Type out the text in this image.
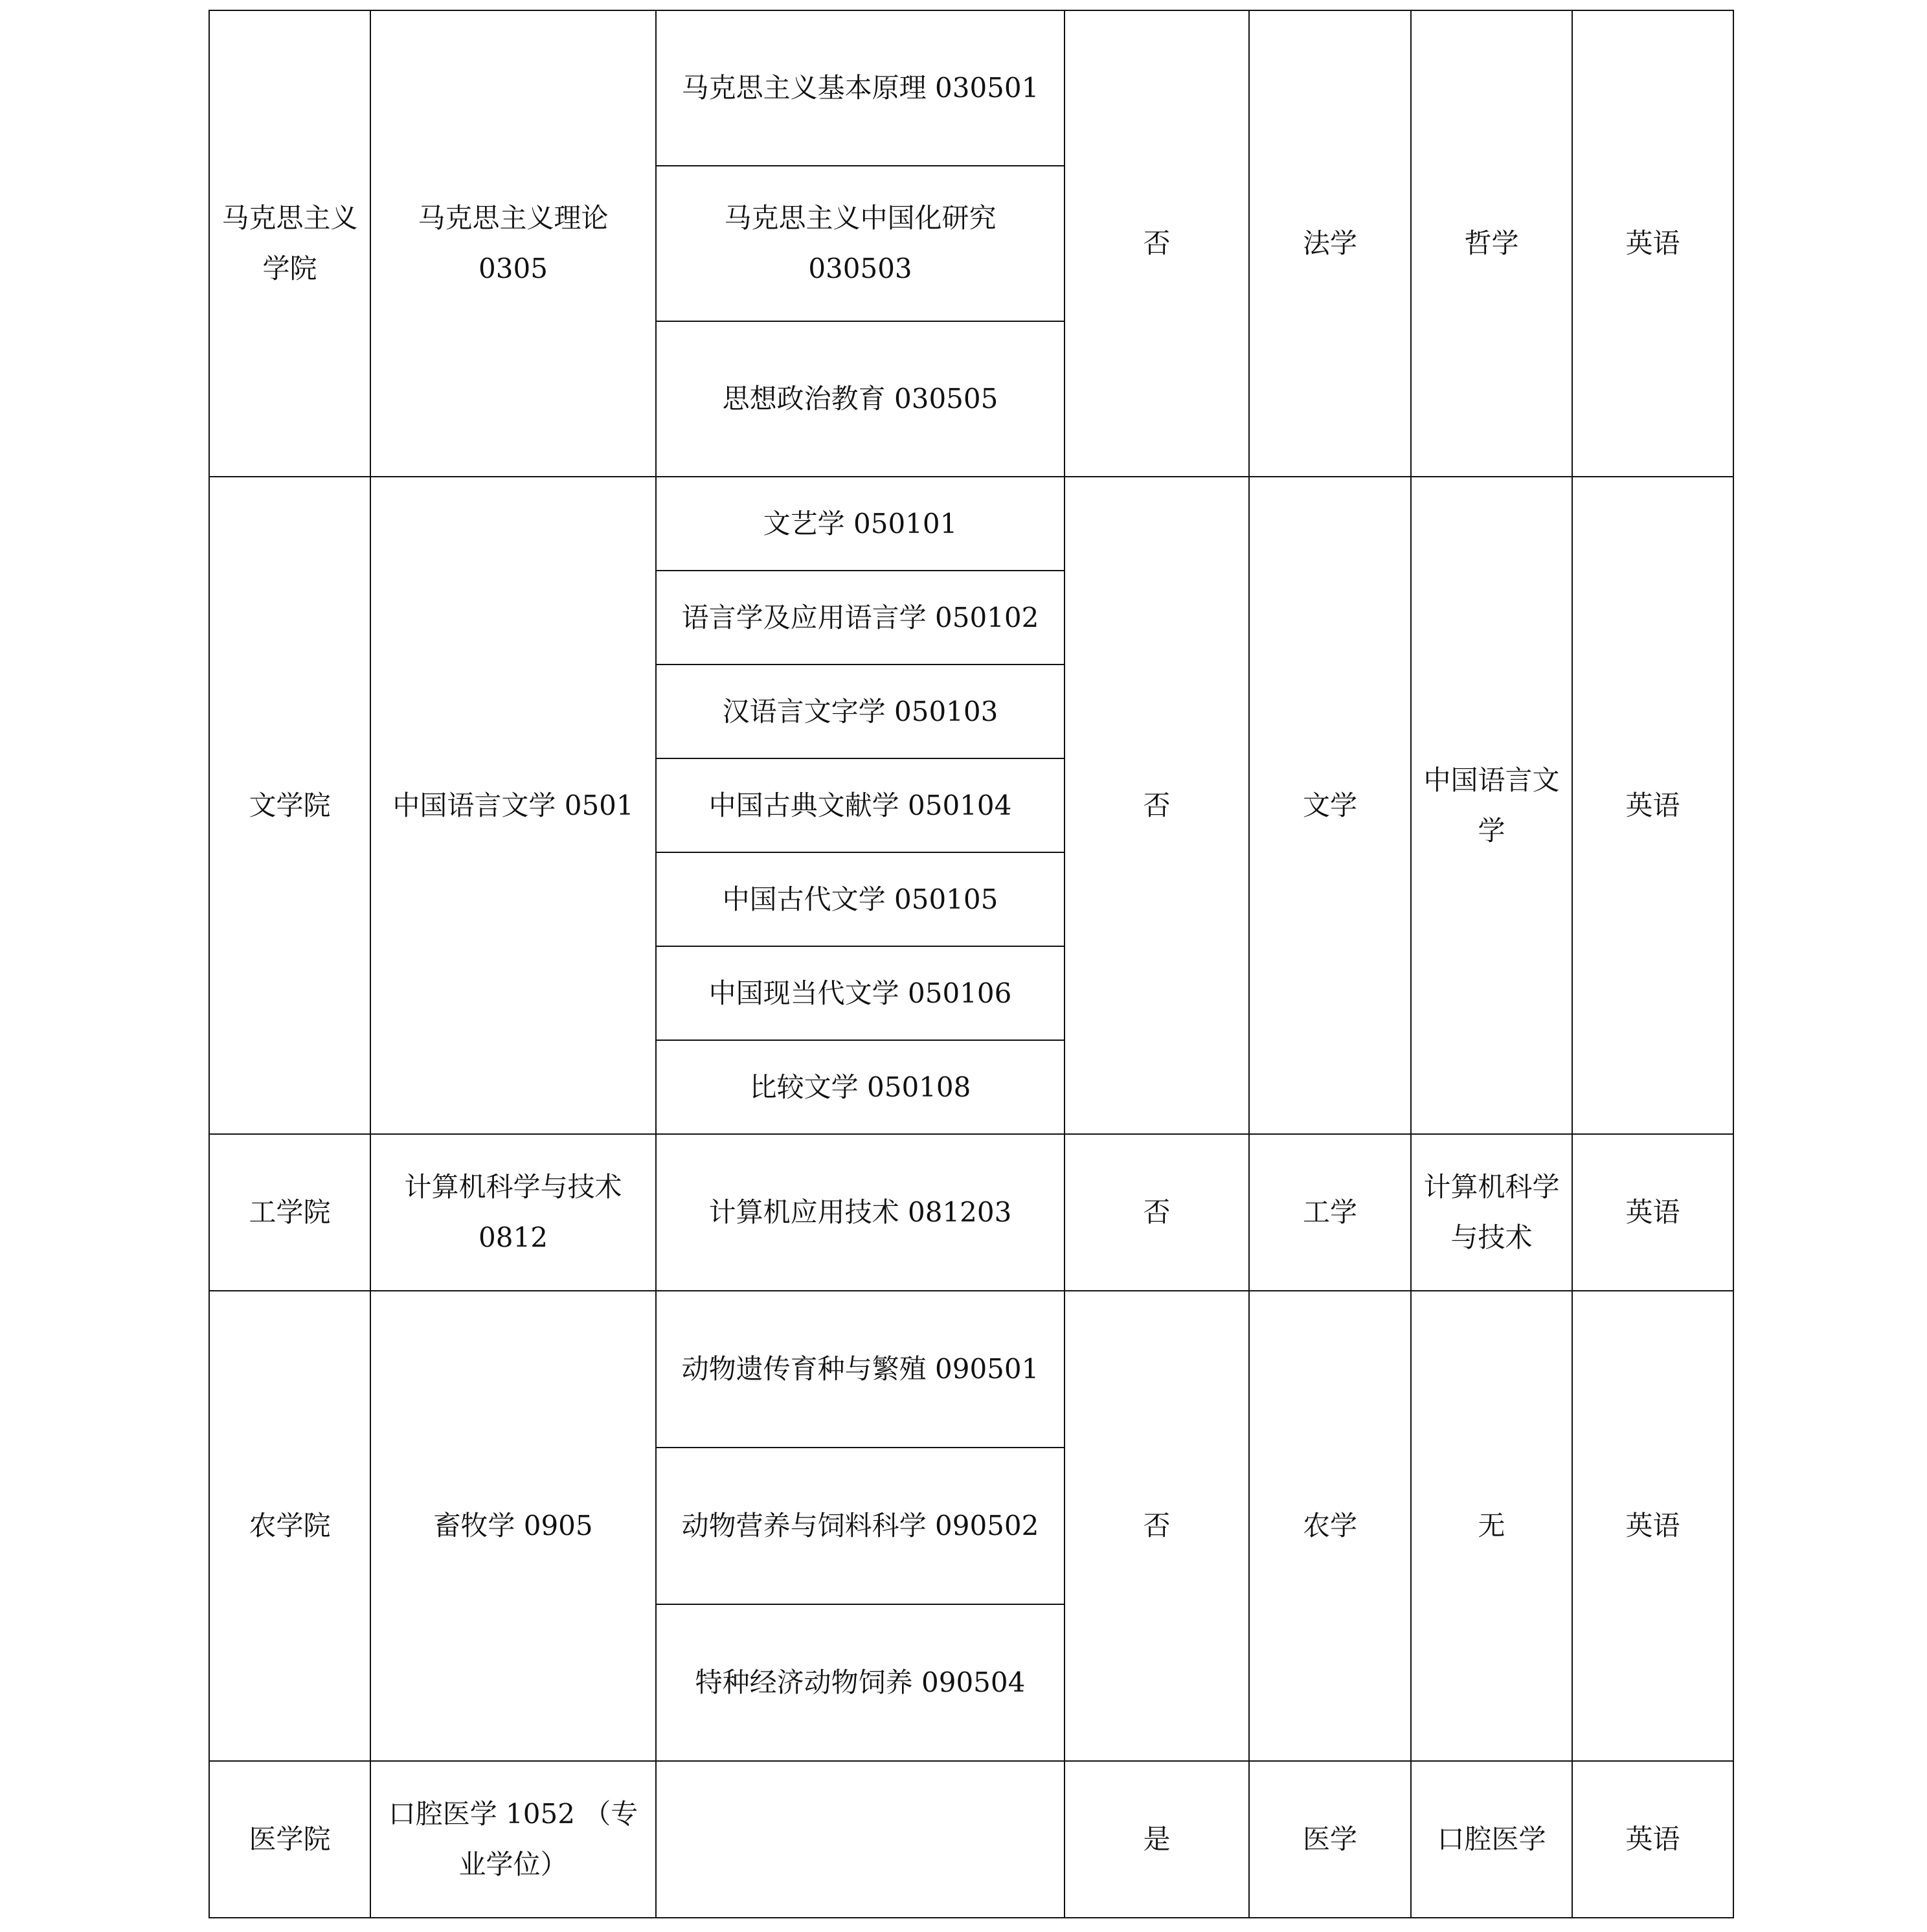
马克思主义学院	马克思主义理论 0305	马克思主义基本原理 030501	否	法学	哲学	英语
		马克思主义中国化研究 030503				
		思想政治教育 030505				
文学院	中国语言文学 0501	文艺学 050101	否	文学	中国语言文学	英语
		语言学及应用语言学 050102				
		汉语言文字学 050103				
		中国古典文献学 050104				
		中国古代文学 050105				
		中国现当代文学 050106				
		比较文学 050108				
工学院	计算机科学与技术 0812	计算机应用技术 081203	否	工学	计算机科学与技术	英语
农学院	畜牧学 0905	动物遗传育种与繁殖 090501	否	农学	无	英语
		动物营养与饲料科学 090502				
		特种经济动物饲养 090504				
医学院	口腔医学 1052 （专业学位）		是	医学	口腔医学	英语
